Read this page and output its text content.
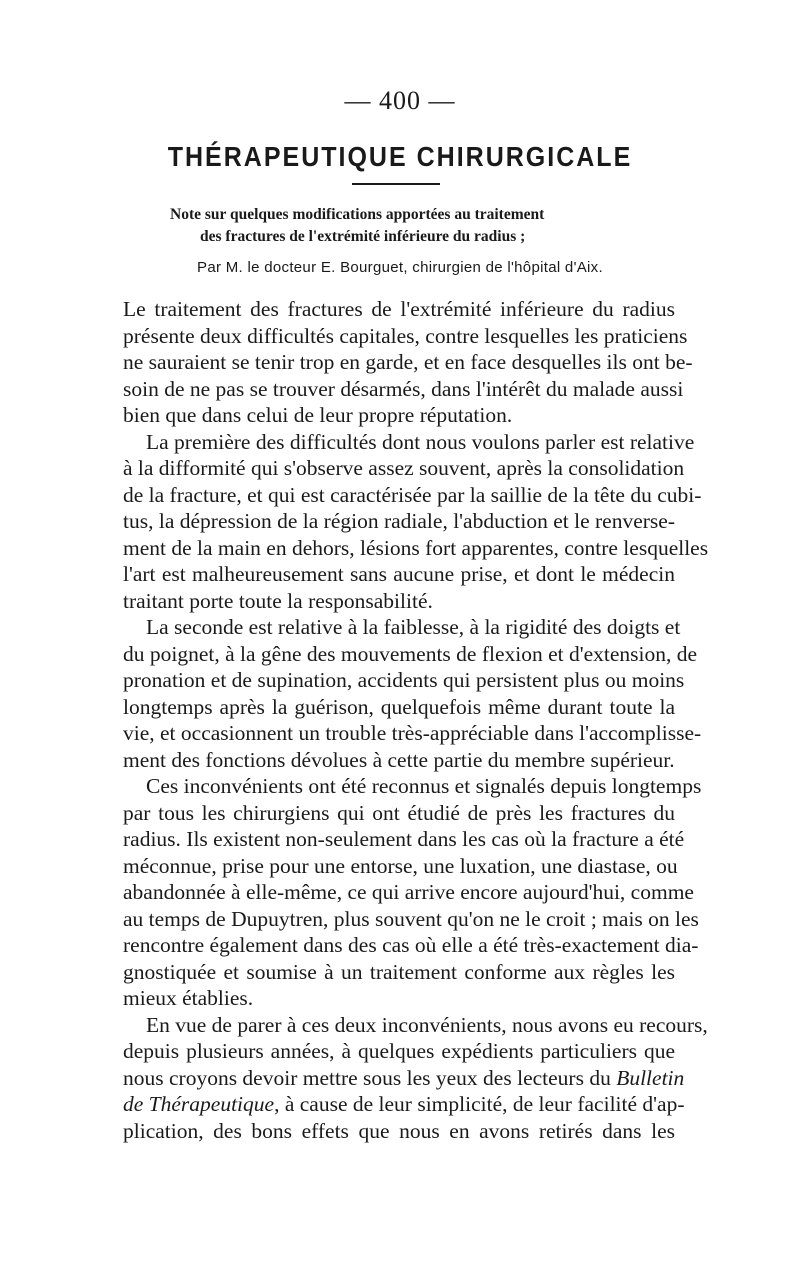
— 400 —
THÉRAPEUTIQUE CHIRURGICALE
Note sur quelques modifications apportées au traitement
des fractures de l'extrémité inférieure du radius ;
Par M. le docteur E. Bourguet, chirurgien de l'hôpital d'Aix.
Le traitement des fractures de l'extrémité inférieure du radius
présente deux difficultés capitales, contre lesquelles les praticiens
ne sauraient se tenir trop en garde, et en face desquelles ils ont be-
soin de ne pas se trouver désarmés, dans l'intérêt du malade aussi
bien que dans celui de leur propre réputation.
La première des difficultés dont nous voulons parler est relative
à la difformité qui s'observe assez souvent, après la consolidation
de la fracture, et qui est caractérisée par la saillie de la tête du cubi-
tus, la dépression de la région radiale, l'abduction et le renverse-
ment de la main en dehors, lésions fort apparentes, contre lesquelles
l'art est malheureusement sans aucune prise, et dont le médecin
traitant porte toute la responsabilité.
La seconde est relative à la faiblesse, à la rigidité des doigts et
du poignet, à la gêne des mouvements de flexion et d'extension, de
pronation et de supination, accidents qui persistent plus ou moins
longtemps après la guérison, quelquefois même durant toute la
vie, et occasionnent un trouble très-appréciable dans l'accomplisse-
ment des fonctions dévolues à cette partie du membre supérieur.
Ces inconvénients ont été reconnus et signalés depuis longtemps
par tous les chirurgiens qui ont étudié de près les fractures du
radius. Ils existent non-seulement dans les cas où la fracture a été
méconnue, prise pour une entorse, une luxation, une diastase, ou
abandonnée à elle-même, ce qui arrive encore aujourd'hui, comme
au temps de Dupuytren, plus souvent qu'on ne le croit ; mais on les
rencontre également dans des cas où elle a été très-exactement dia-
gnostiquée et soumise à un traitement conforme aux règles les
mieux établies.
En vue de parer à ces deux inconvénients, nous avons eu recours,
depuis plusieurs années, à quelques expédients particuliers que
nous croyons devoir mettre sous les yeux des lecteurs du Bulletin
de Thérapeutique, à cause de leur simplicité, de leur facilité d'ap-
plication, des bons effets que nous en avons retirés dans les
